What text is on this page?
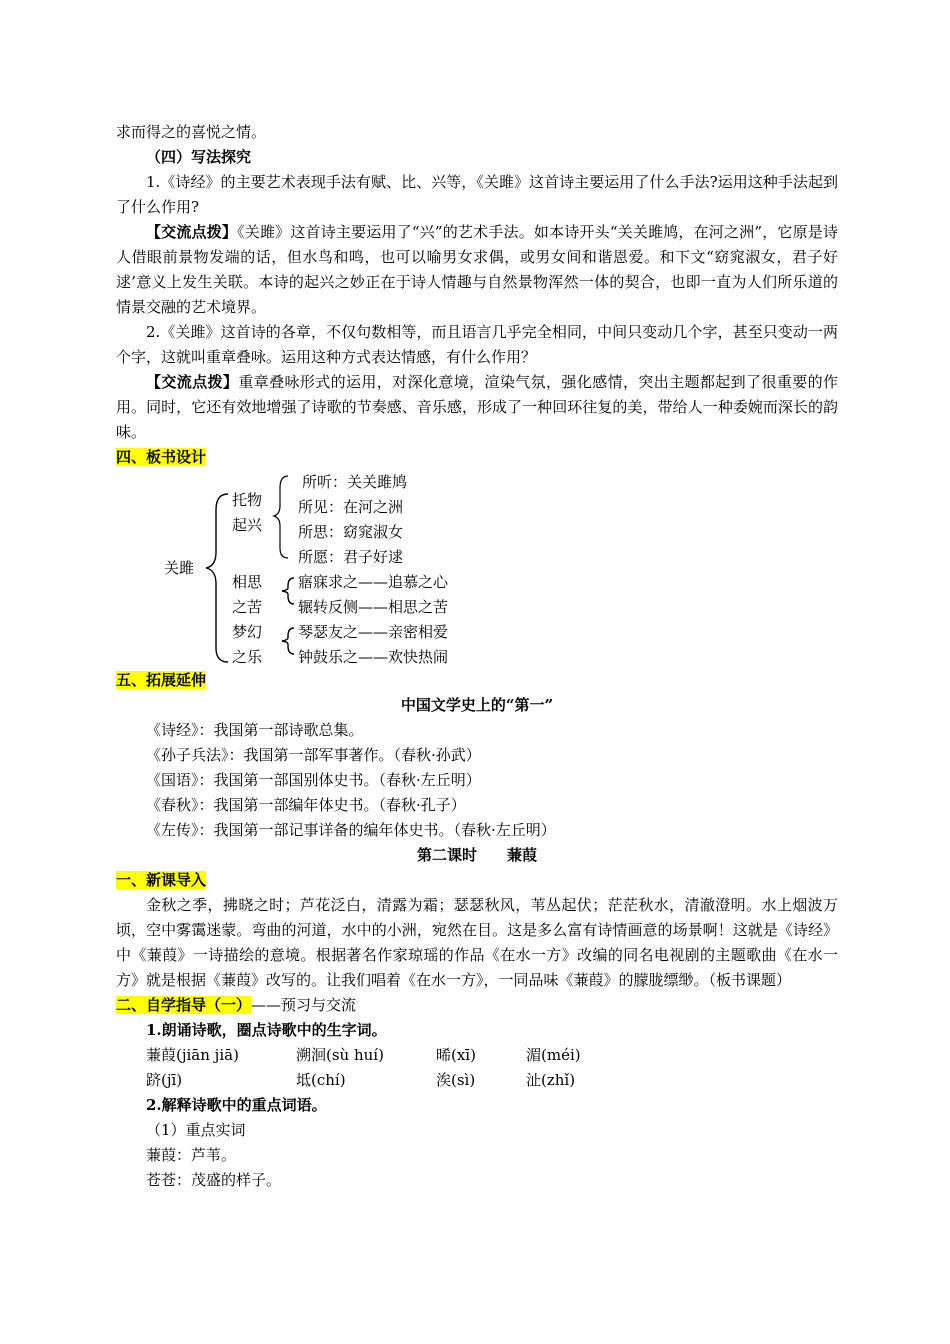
求而得之的喜悦之情。
（四）写法探究

1.《诗经》的主要艺术表现手法有赋、比、兴等，《关雎》这首诗主要运用了什么手法?运用这种手法起到了什么作用?

【交流点拨】《关雎》这首诗主要运用了“兴”的艺术手法。如本诗开头“关关雎鸠，在河之洲”，它原是诗人借眼前景物发端的话，但水鸟和鸣，也可以喻男女求偶，或男女间和谐恩爱。和下文“窈窕淑女，君子好逑’意义上发生关联。本诗的起兴之妙正在于诗人情趣与自然景物浑然一体的契合，也即一直为人们所乐道的情景交融的艺术境界。

2.《关雎》这首诗的各章，不仅句数相等，而且语言几乎完全相同，中间只变动几个字，甚至只变动一两个字，这就叫重章叠咏。运用这种方式表达情感，有什么作用？

【交流点拨】重章叠咏形式的运用，对深化意境，渲染气氛，强化感情，突出主题都起到了很重要的作用。同时，它还有效地增强了诗歌的节奏感、音乐感，形成了一种回环往复的美，带给人一种委婉而深长的韵味。

四、板书设计
关雎
托物
起兴
所听：关关雎鸠
所见：在河之洲
所思：窈窕淑女
所愿：君子好逑
相思
之苦
寤寐求之——追慕之心
辗转反侧——相思之苦
梦幻
之乐
琴瑟友之——亲密相爱
钟鼓乐之——欢快热闹
五、拓展延伸
中国文学史上的“第一”
《诗经》：我国第一部诗歌总集。
《孙子兵法》：我国第一部军事著作。（春秋·孙武）
《国语》：我国第一部国别体史书。（春秋·左丘明）
《春秋》：我国第一部编年体史书。（春秋·孔子）
《左传》：我国第一部记事详备的编年体史书。（春秋·左丘明）
第二课时　　蒹葭
一、新课导入

金秋之季，拂晓之时；芦花泛白，清露为霜；瑟瑟秋风，苇丛起伏；茫茫秋水，清澈澄明。水上烟波万顷，空中雾霭迷蒙。弯曲的河道，水中的小洲，宛然在目。这是多么富有诗情画意的场景啊！这就是《诗经》中《蒹葭》一诗描绘的意境。根据著名作家琼瑶的作品《在水一方》改编的同名电视剧的主题歌曲《在水一方》就是根据《蒹葭》改写的。让我们唱着《在水一方》，一同品味《蒹葭》的朦胧缥缈。（板书课题）

二、自学指导（一）——预习与交流
1.朗诵诗歌，圈点诗歌中的生字词。
蒹葭(jiān jiā)	溯洄(sù huí)	晞(xī)	湄(méi)
跻(jī)	坻(chí)	涘(sì)	沚(zhǐ)
2.解释诗歌中的重点词语。
（1）重点实词
蒹葭：芦苇。
苍苍：茂盛的样子。
